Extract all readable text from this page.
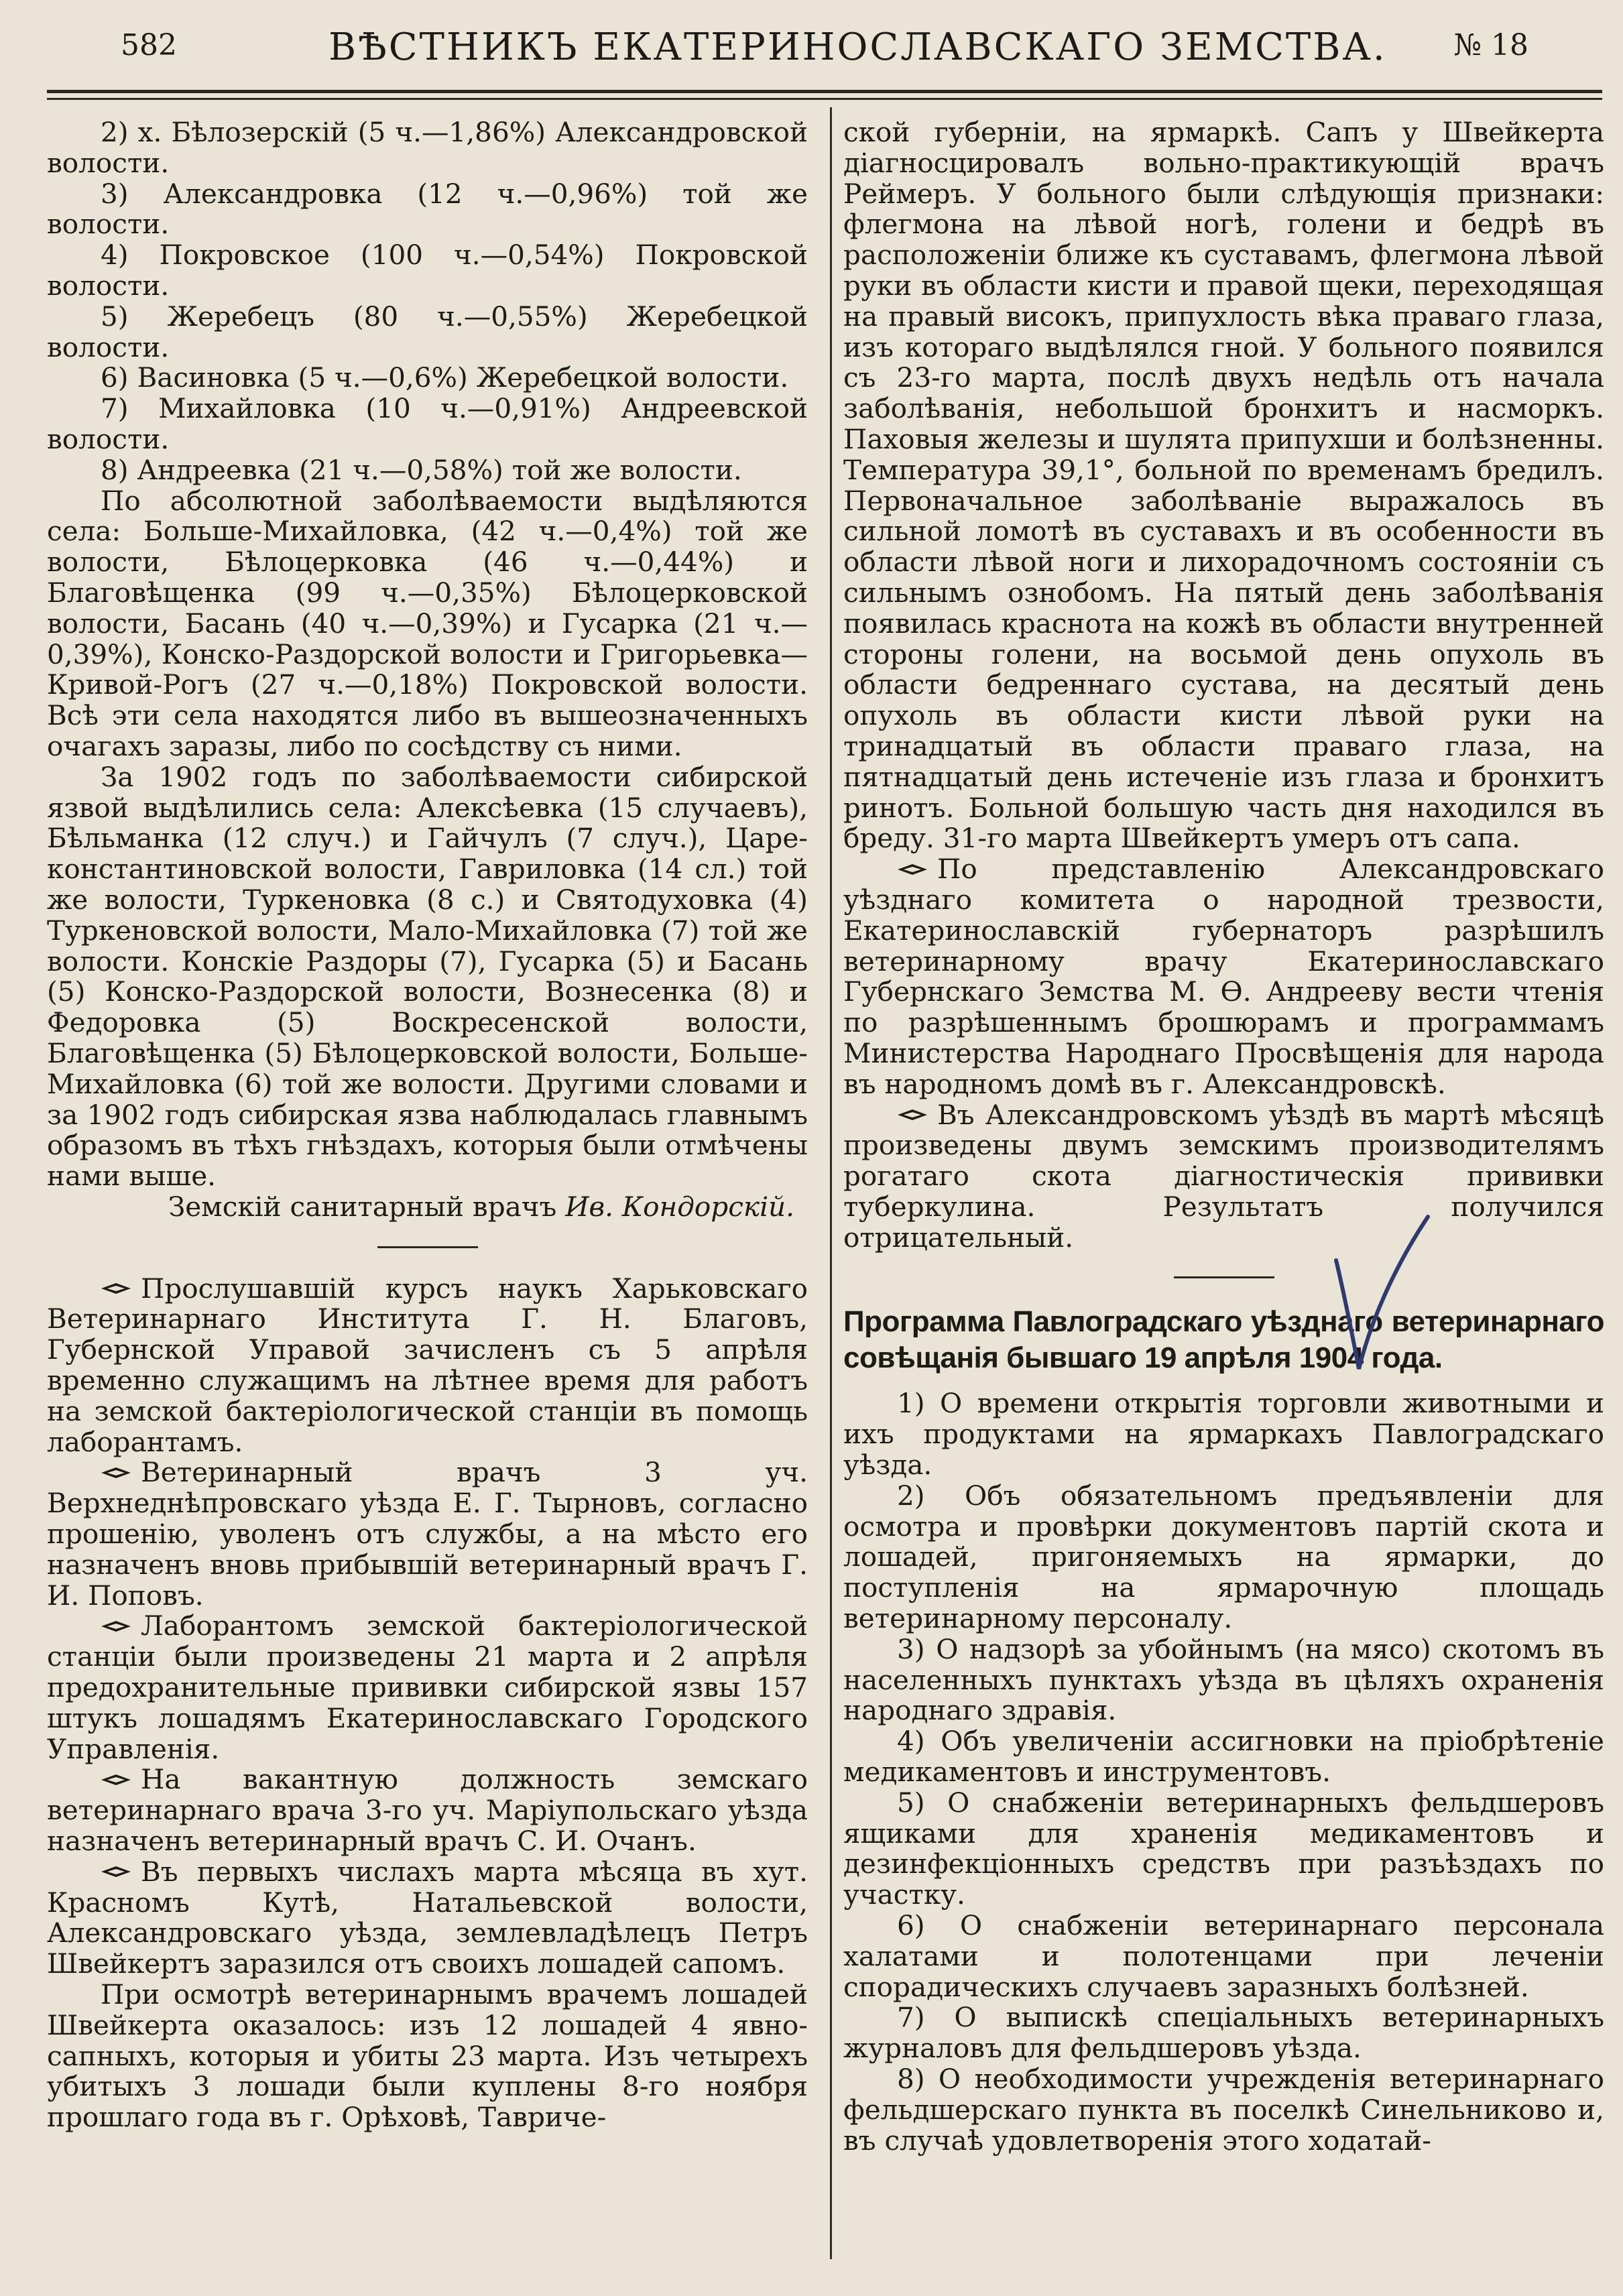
582	ВѢСТНИКЪ ЕКАТЕРИНОСЛАВСКАГО ЗЕМСТВА. № 18

2) х. Бѣлозерскій (5 ч.—1,86%) Александровской волости.

3) Александровка (12 ч.—0,96%) той же волости.

4) Покровское (100 ч.—0,54%) Покровской волости.

5) Жеребецъ (80 ч.—0,55%) Жеребецкой волости.

6) Васиновка (5 ч.—0,6%) Жеребецкой волости.

7) Михайловка (10 ч.—0,91%) Андреевской волости.

8) Андреевка (21 ч.—0,58%) той же волости.

По абсолютной заболѣваемости выдѣляются села: Больше-Михайловка, (42 ч.—0,4%) той же волости, Бѣлоцерковка (46 ч.—0,44%) и Благовѣщенка (99 ч.—0,35%) Бѣлоцерковской волости, Басань (40 ч.—0,39%) и Гусарка (21 ч.—0,39%), Конско-Раздорской волости и Григорьевка—Кривой-Рогъ (27 ч.—0,18%) Покровской волости. Всѣ эти села находятся либо въ вышеозначенныхъ очагахъ заразы, либо по сосѣдству съ ними.

За 1902 годъ по заболѣваемости сибирской язвой выдѣлились села: Алексѣевка (15 случаевъ), Бѣльманка (12 случ.) и Гайчулъ (7 случ.), Царе-константиновской волости, Гавриловка (14 сл.) той же волости, Туркеновка (8 с.) и Святодуховка (4) Туркеновской волости, Мало-Михайловка (7) той же волости. Конскіе Раздоры (7), Гусарка (5) и Басань (5) Конско-Раздорской волости, Вознесенка (8) и Федоровка (5) Воскресенской волости, Благовѣщенка (5) Бѣлоцерковской волости, Больше-Михайловка (6) той же волости. Другими словами и за 1902 годъ сибирская язва наблюдалась главнымъ образомъ въ тѣхъ гнѣздахъ, которыя были отмѣчены нами выше.

Земскій санитарный врачъ Ив. Кондорскій.

Прослушавшій курсъ наукъ Харьковскаго Ветеринарнаго Института Г. Н. Благовъ, Губернской Управой зачисленъ съ 5 апрѣля временно служащимъ на лѣтнее время для работъ на земской бактеріологической станціи въ помощь лаборантамъ.

Ветеринарный врачъ 3 уч. Верхнеднѣпровскаго уѣзда Е. Г. Тырновъ, согласно прошенію, уволенъ отъ службы, а на мѣсто его назначенъ вновь прибывшій ветеринарный врачъ Г. И. Поповъ.

Лаборантомъ земской бактеріологической станціи были произведены 21 марта и 2 апрѣля предохранительные прививки сибирской язвы 157 штукъ лошадямъ Екатеринославскаго Городского Управленія.

На вакантную должность земскаго ветеринарнаго врача 3-го уч. Маріупольскаго уѣзда назначенъ ветеринарный врачъ С. И. Очанъ.

Въ первыхъ числахъ марта мѣсяца въ хут. Красномъ Кутѣ, Натальевской волости, Александровскаго уѣзда, землевладѣлецъ Петръ Швейкертъ заразился отъ своихъ лошадей сапомъ.

При осмотрѣ ветеринарнымъ врачемъ лошадей Швейкерта оказалось: изъ 12 лошадей 4 явно-сапныхъ, которыя и убиты 23 марта. Изъ четырехъ убитыхъ 3 лошади были куплены 8-го ноября прошлаго года въ г. Орѣховѣ, Тавриче-

ской губерніи, на ярмаркѣ. Сапъ у Швейкерта діагносцировалъ вольно-практикующій врачъ Реймеръ. У больного были слѣдующія признаки: флегмона на лѣвой ногѣ, голени и бедрѣ въ расположеніи ближе къ суставамъ, флегмона лѣвой руки въ области кисти и правой щеки, переходящая на правый високъ, припухлость вѣка праваго глаза, изъ котораго выдѣлялся гной. У больного появился съ 23-го марта, послѣ двухъ недѣль отъ начала заболѣванія, небольшой бронхитъ и насморкъ. Паховыя железы и шулята припухши и болѣзненны. Температура 39,1°, больной по временамъ бредилъ. Первоначальное заболѣваніе выражалось въ сильной ломотѣ въ суставахъ и въ особенности въ области лѣвой ноги и лихорадочномъ состояніи съ сильнымъ ознобомъ. На пятый день заболѣванія появилась краснота на кожѣ въ области внутренней стороны голени, на восьмой день опухоль въ области бедреннаго сустава, на десятый день опухоль въ области кисти лѣвой руки на тринадцатый въ области праваго глаза, на пятнадцатый день истеченіе изъ глаза и бронхитъ ринотъ. Больной большую часть дня находился въ бреду. 31-го марта Швейкертъ умеръ отъ сапа.

По представленію Александровскаго уѣзднаго комитета о народной трезвости, Екатеринославскій губернаторъ разрѣшилъ ветеринарному врачу Екатеринославскаго Губернскаго Земства М. Ѳ. Андрееву вести чтенія по разрѣшеннымъ брошюрамъ и программамъ Министерства Народнаго Просвѣщенія для народа въ народномъ домѣ въ г. Александровскѣ.

Въ Александровскомъ уѣздѣ въ мартѣ мѣсяцѣ произведены двумъ земскимъ производителямъ рогатаго скота діагностическія прививки туберкулина. Результатъ получился отрицательный.

Программа Павлоградскаго уѣзднаго ветеринарнаго совѣщанія бывшаго 19 апрѣля 1904 года.

1) О времени открытія торговли животными и ихъ продуктами на ярмаркахъ Павлоградскаго уѣзда.

2) Объ обязательномъ предъявленіи для осмотра и провѣрки документовъ партій скота и лошадей, пригоняемыхъ на ярмарки, до поступленія на ярмарочную площадь ветеринарному персоналу.

3) О надзорѣ за убойнымъ (на мясо) скотомъ въ населенныхъ пунктахъ уѣзда въ цѣляхъ охраненія народнаго здравія.

4) Объ увеличеніи ассигновки на пріобрѣтеніе медикаментовъ и инструментовъ.

5) О снабженіи ветеринарныхъ фельдшеровъ ящиками для храненія медикаментовъ и дезинфекціонныхъ средствъ при разъѣздахъ по участку.

6) О снабженіи ветеринарнаго персонала халатами и полотенцами при леченіи спорадическихъ случаевъ заразныхъ болѣзней.

7) О выпискѣ спеціальныхъ ветеринарныхъ журналовъ для фельдшеровъ уѣзда.

8) О необходимости учрежденія ветеринарнаго фельдшерскаго пункта въ поселкѣ Синельниково и, въ случаѣ удовлетворенія этого ходатай-
